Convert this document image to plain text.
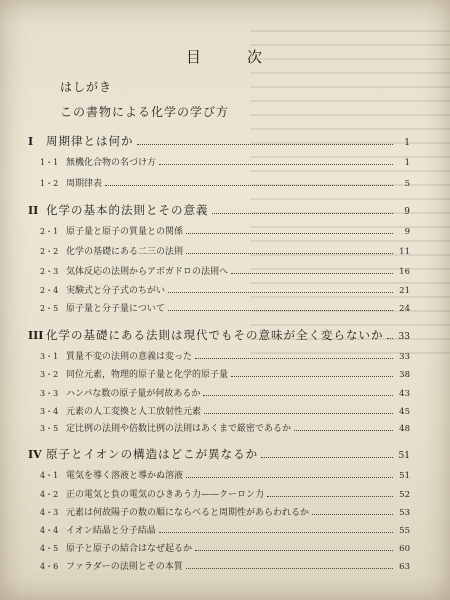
目	次
はしがき
この書物による化学の学び方
I	周期律とは何か	1
1・1 無機化合物の名づけ方	1
1・2 周期律表	5
II 化学の基本的法則とその意義	9
2・1 原子量と原子の質量との関係	9
2・2 化学の基礎にある二三の法則	11
2・3 気体反応の法則からアボガドロの法則へ	16
2・4 実験式と分子式のちがい	21
2・5 原子量と分子量について	24
III 化学の基礎にある法則は現代でもその意味が全く変らないか 33
3・1 質量不変の法則の意義は変った	33
3・2 同位元素，物理的原子量と化学的原子量	38
3・3 ハンパな数の原子量が何故あるか	43
3・4 元素の人工変換と人工放射性元素	45
3・5 定比例の法則や倍数比例の法則はあくまで厳密であるか	48
IV 原子とイオンの構造はどこが異なるか	51
4・1 電気を導く溶液と導かぬ溶液	51
4・2 正の電気と負の電気のひきあう力——クーロン力	52
4・3 元素は何故陽子の数の順にならべると周期性があらわれるか	53
4・4 イオン結晶と分子結晶	55
4・5 原子と原子の結合はなぜ起るか	60
4・6 ファラダーの法則とその本質	63
